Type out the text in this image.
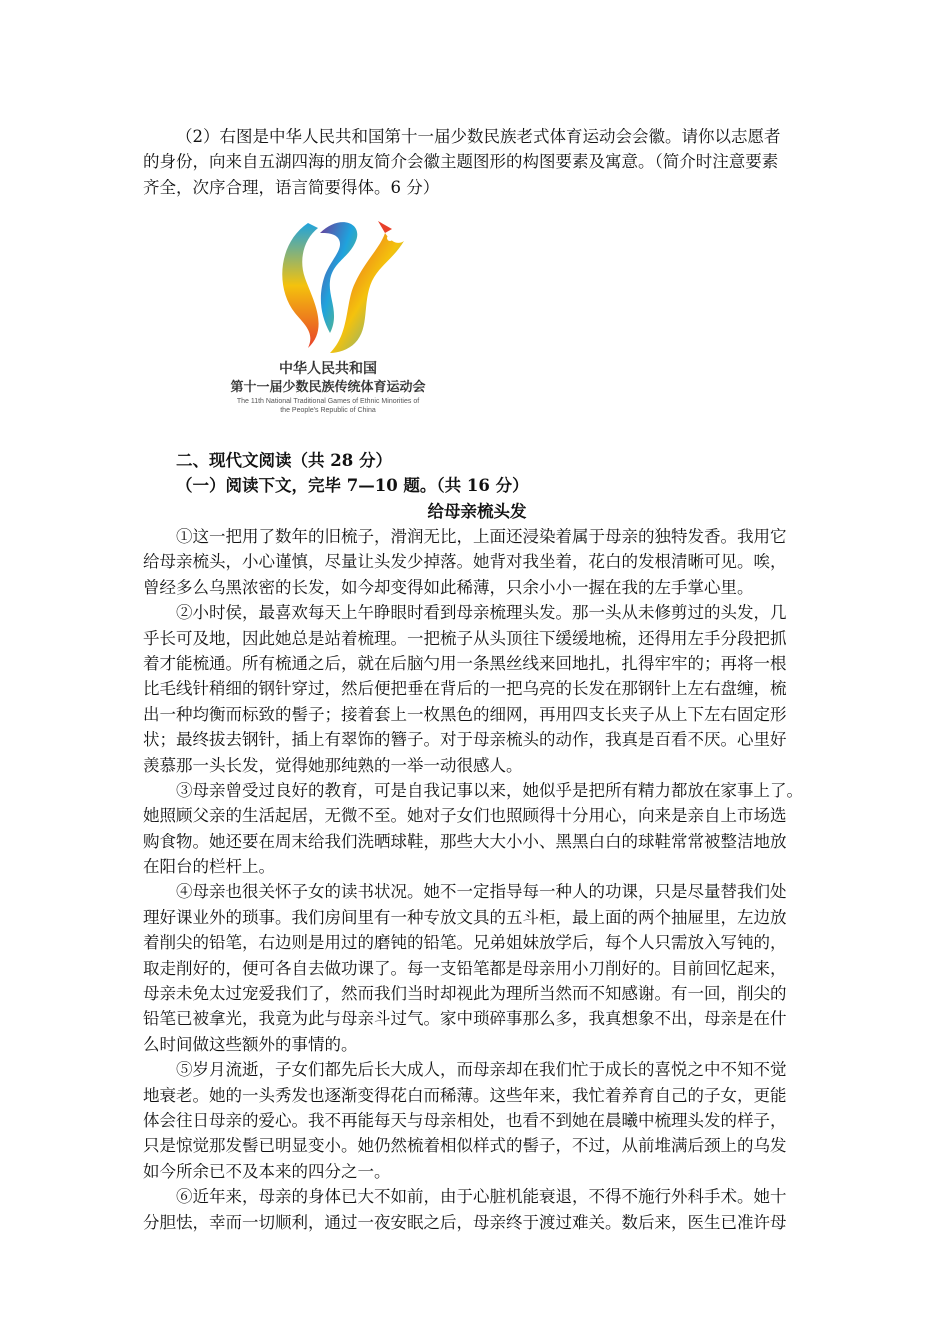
（2）右图是中华人民共和国第十一届少数民族老式体育运动会会徽。请你以志愿者
的身份，向来自五湖四海的朋友简介会徽主题图形的构图要素及寓意。（简介时注意要素
齐全，次序合理，语言简要得体。6 分）
中华人民共和国
第十一届少数民族传统体育运动会
The 11th National Traditional Games of Ethnic Minorities of
the People's Republic of China
二、现代文阅读（共 28 分）
（一）阅读下文，完毕 7—10 题。（共 16 分）
给母亲梳头发
①这一把用了数年的旧梳子，滑润无比，上面还浸染着属于母亲的独特发香。我用它
给母亲梳头，小心谨慎，尽量让头发少掉落。她背对我坐着，花白的发根清晰可见。唉，
曾经多么乌黑浓密的长发，如今却变得如此稀薄，只余小小一握在我的左手掌心里。
②小时侯，最喜欢每天上午睁眼时看到母亲梳理头发。那一头从未修剪过的头发，几
乎长可及地，因此她总是站着梳理。一把梳子从头顶往下缓缓地梳，还得用左手分段把抓
着才能梳通。所有梳通之后，就在后脑勺用一条黑丝线来回地扎，扎得牢牢的；再将一根
比毛线针稍细的钢针穿过，然后便把垂在背后的一把乌亮的长发在那钢针上左右盘缠，梳
出一种均衡而标致的髻子；接着套上一枚黑色的细网，再用四支长夹子从上下左右固定形
状；最终拔去钢针，插上有翠饰的簪子。对于母亲梳头的动作，我真是百看不厌。心里好
羡慕那一头长发，觉得她那纯熟的一举一动很感人。
③母亲曾受过良好的教育，可是自我记事以来，她似乎是把所有精力都放在家事上了。
她照顾父亲的生活起居，无微不至。她对子女们也照顾得十分用心，向来是亲自上市场选
购食物。她还要在周末给我们洗晒球鞋，那些大大小小、黑黑白白的球鞋常常被整洁地放
在阳台的栏杆上。
④母亲也很关怀子女的读书状况。她不一定指导每一种人的功课，只是尽量替我们处
理好课业外的琐事。我们房间里有一种专放文具的五斗柜，最上面的两个抽屉里，左边放
着削尖的铅笔，右边则是用过的磨钝的铅笔。兄弟姐妹放学后，每个人只需放入写钝的，
取走削好的，便可各自去做功课了。每一支铅笔都是母亲用小刀削好的。目前回忆起来，
母亲未免太过宠爱我们了，然而我们当时却视此为理所当然而不知感谢。有一回，削尖的
铅笔已被拿光，我竟为此与母亲斗过气。家中琐碎事那么多，我真想象不出，母亲是在什
么时间做这些额外的事情的。
⑤岁月流逝，子女们都先后长大成人，而母亲却在我们忙于成长的喜悦之中不知不觉
地衰老。她的一头秀发也逐渐变得花白而稀薄。这些年来，我忙着养育自己的子女，更能
体会往日母亲的爱心。我不再能每天与母亲相处，也看不到她在晨曦中梳理头发的样子，
只是惊觉那发髻已明显变小。她仍然梳着相似样式的髻子，不过，从前堆满后颈上的乌发
如今所余已不及本来的四分之一。
⑥近年来，母亲的身体已大不如前，由于心脏机能衰退，不得不施行外科手术。她十
分胆怯，幸而一切顺利，通过一夜安眠之后，母亲终于渡过难关。数后来，医生已准许母
